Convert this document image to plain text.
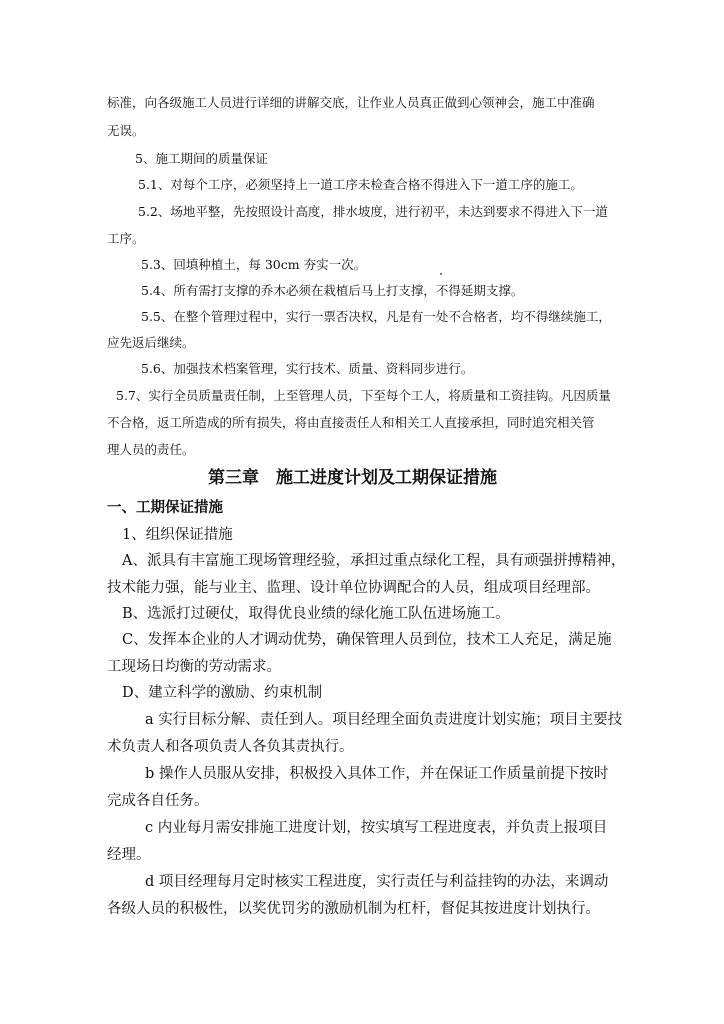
标准，向各级施工人员进行详细的讲解交底，让作业人员真正做到心领神会，施工中准确
无误。
5、施工期间的质量保证
5.1、对每个工序，必须坚持上一道工序未检查合格不得进入下一道工序的施工。
5.2、场地平整，先按照设计高度，排水坡度，进行初平，未达到要求不得进入下一道
工序。
5.3、回填种植土，每 30cm 夯实一次。
5.4、所有需打支撑的乔木必须在栽植后马上打支撑，不得延期支撑。
5.5、在整个管理过程中，实行一票否决权，凡是有一处不合格者，均不得继续施工，
应先返后继续。
5.6、加强技术档案管理，实行技术、质量、资料同步进行。
5.7、实行全员质量责任制，上至管理人员，下至每个工人，将质量和工资挂钩。凡因质量
不合格，返工所造成的所有损失，将由直接责任人和相关工人直接承担，同时追究相关管
理人员的责任。
第三章　施工进度计划及工期保证措施
一、工期保证措施
1、组织保证措施
A、派具有丰富施工现场管理经验，承担过重点绿化工程，具有顽强拼搏精神，
技术能力强，能与业主、监理、设计单位协调配合的人员，组成项目经理部。
B、选派打过硬仗，取得优良业绩的绿化施工队伍进场施工。
C、发挥本企业的人才调动优势，确保管理人员到位，技术工人充足，满足施
工现场日均衡的劳动需求。
D、建立科学的激励、约束机制
a 实行目标分解、责任到人。项目经理全面负责进度计划实施；项目主要技
术负责人和各项负责人各负其责执行。
b 操作人员服从安排，积极投入具体工作，并在保证工作质量前提下按时
完成各自任务。
c 内业每月需安排施工进度计划，按实填写工程进度表，并负责上报项目
经理。
d 项目经理每月定时核实工程进度，实行责任与利益挂钩的办法，来调动
各级人员的积极性，以奖优罚劣的激励机制为杠杆，督促其按进度计划执行。
